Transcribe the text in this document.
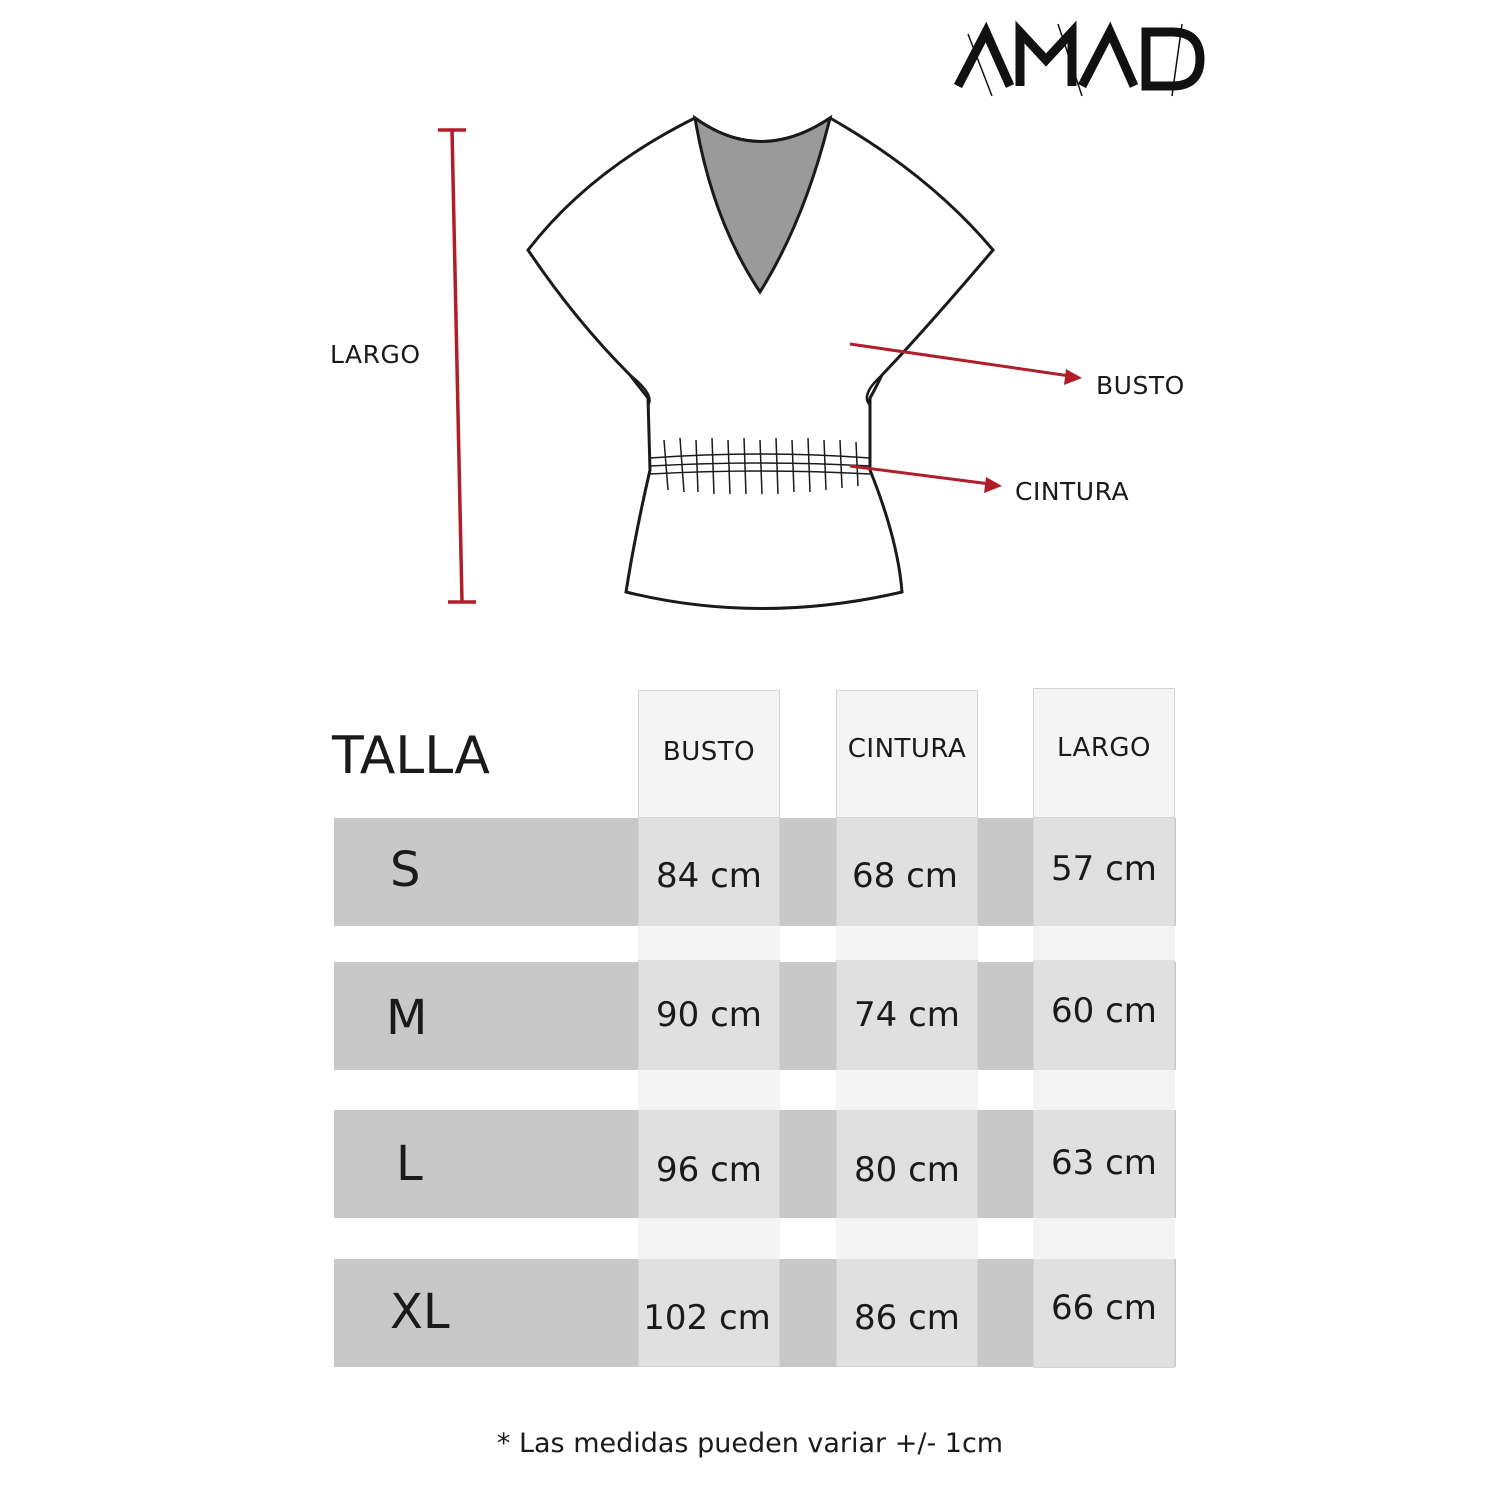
LARGO
BUSTO
CINTURA
TALLA	BUSTO	CINTURA	LARGO
S	84 cm	68 cm	57 cm
M	90 cm	74 cm	60 cm
L	96 cm	80 cm	63 cm
XL	102 cm	86 cm	66 cm
* Las medidas pueden variar +/- 1cm
